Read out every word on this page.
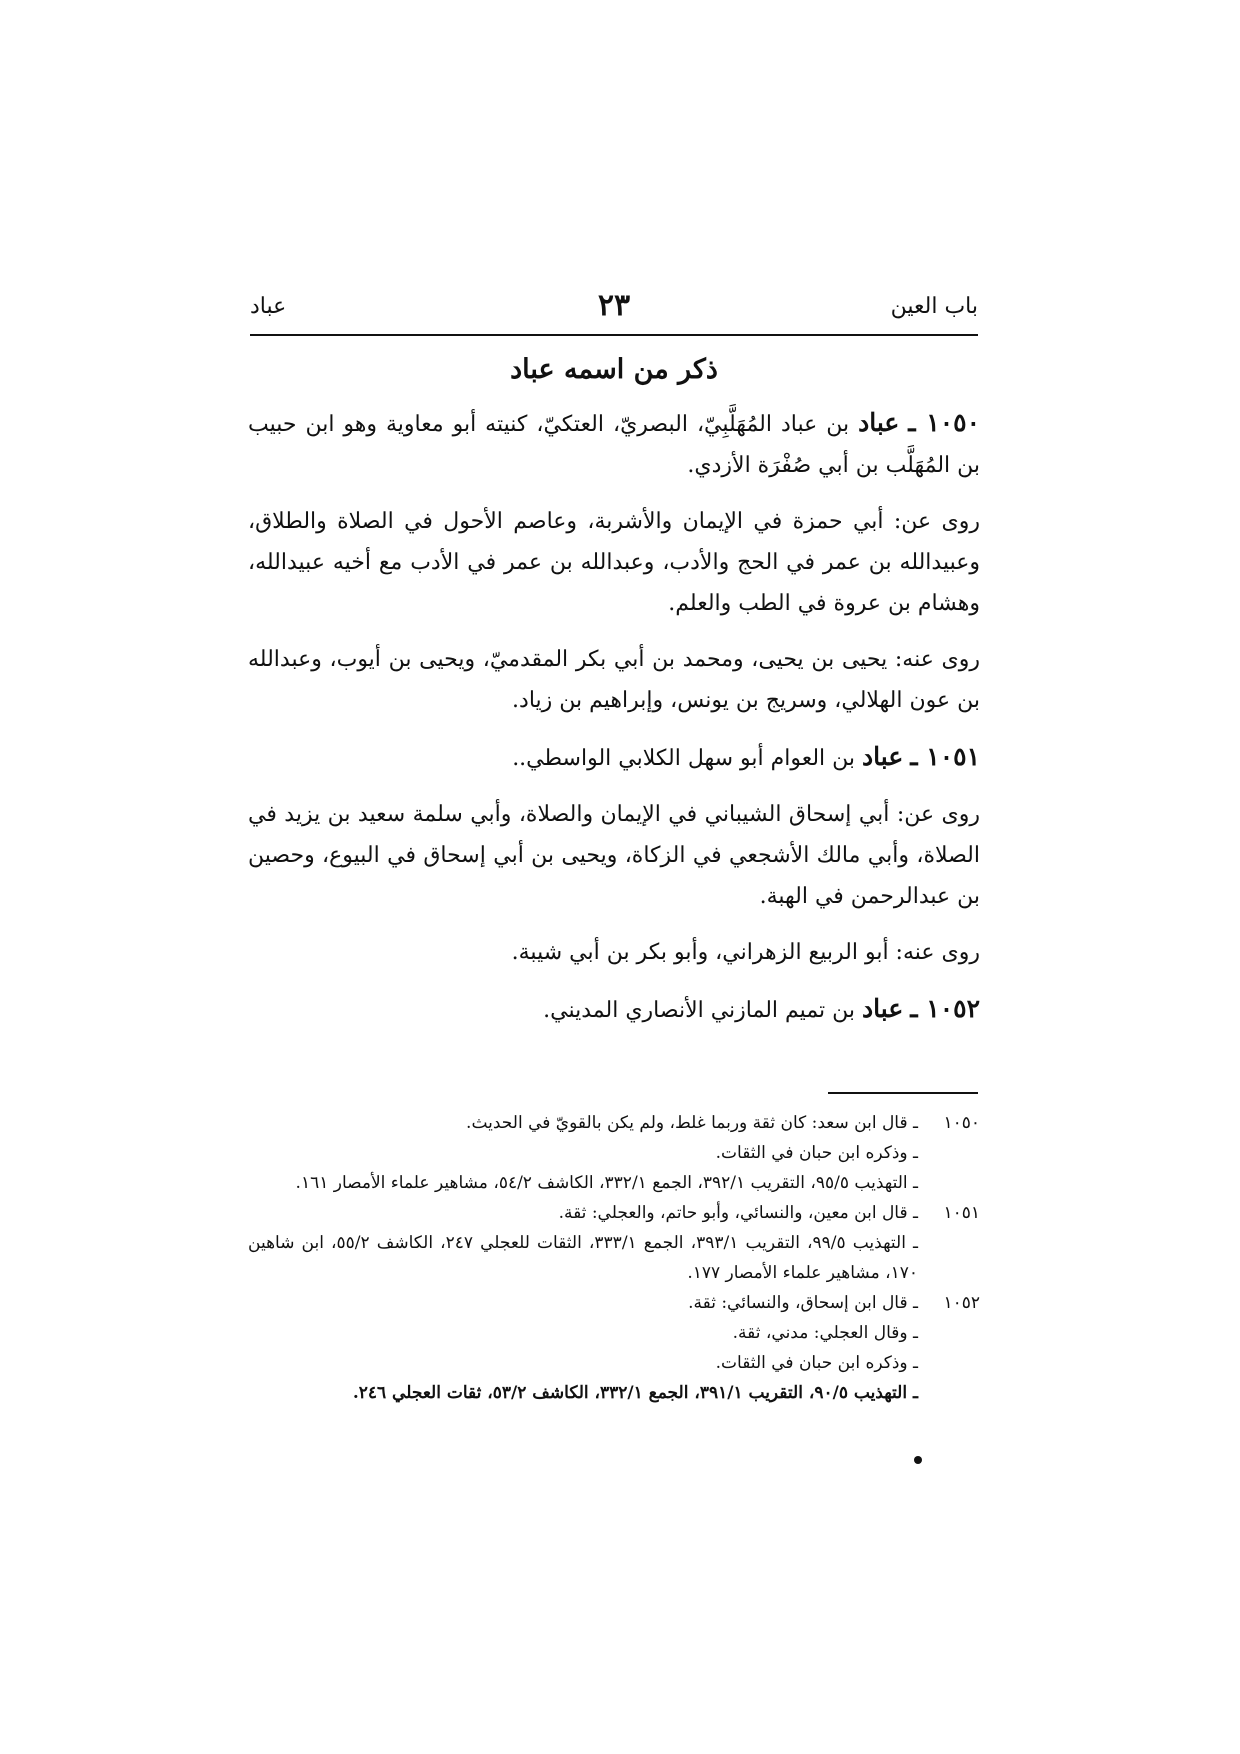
باب العين
٢٣
عباد
ذكر من اسمه عباد

١٠٥٠ ـ عباد بن عباد المُهَلَّبِيّ، البصريّ، العتكيّ، كنيته أبو معاوية وهو ابن حبيب بن المُهَلَّب بن أبي صُفْرَة الأزدي.

روى عن: أبي حمزة في الإيمان والأشربة، وعاصم الأحول في الصلاة والطلاق، وعبيدالله بن عمر في الحج والأدب، وعبدالله بن عمر في الأدب مع أخيه عبيدالله، وهشام بن عروة في الطب والعلم.

روى عنه: يحيى بن يحيى، ومحمد بن أبي بكر المقدميّ، ويحيى بن أيوب، وعبدالله بن عون الهلالي، وسريج بن يونس، وإبراهيم بن زياد.

١٠٥١ ـ عباد بن العوام أبو سهل الكلابي الواسطي..

روى عن: أبي إسحاق الشيباني في الإيمان والصلاة، وأبي سلمة سعيد بن يزيد في الصلاة، وأبي مالك الأشجعي في الزكاة، ويحيى بن أبي إسحاق في البيوع، وحصين بن عبدالرحمن في الهبة.

روى عنه: أبو الربيع الزهراني، وأبو بكر بن أبي شيبة.

١٠٥٢ ـ عباد بن تميم المازني الأنصاري المديني.

١٠٥٠
ـ قال ابن سعد: كان ثقة وربما غلط، ولم يكن بالقويّ في الحديث.
ـ وذكره ابن حبان في الثقات.
ـ التهذيب ٩٥/٥، التقريب ٣٩٢/١، الجمع ٣٣٢/١، الكاشف ٥٤/٢، مشاهير علماء الأمصار ١٦١.
١٠٥١
ـ قال ابن معين، والنسائي، وأبو حاتم، والعجلي: ثقة.
ـ التهذيب ٩٩/٥، التقريب ٣٩٣/١، الجمع ٣٣٣/١، الثقات للعجلي ٢٤٧، الكاشف ٥٥/٢، ابن شاهين ١٧٠، مشاهير علماء الأمصار ١٧٧.
١٠٥٢
ـ قال ابن إسحاق، والنسائي: ثقة.
ـ وقال العجلي: مدني، ثقة.
ـ وذكره ابن حبان في الثقات.
ـ التهذيب ٩٠/٥، التقريب ٣٩١/١، الجمع ٣٣٢/١، الكاشف ٥٣/٢، ثقات العجلي ٢٤٦.
